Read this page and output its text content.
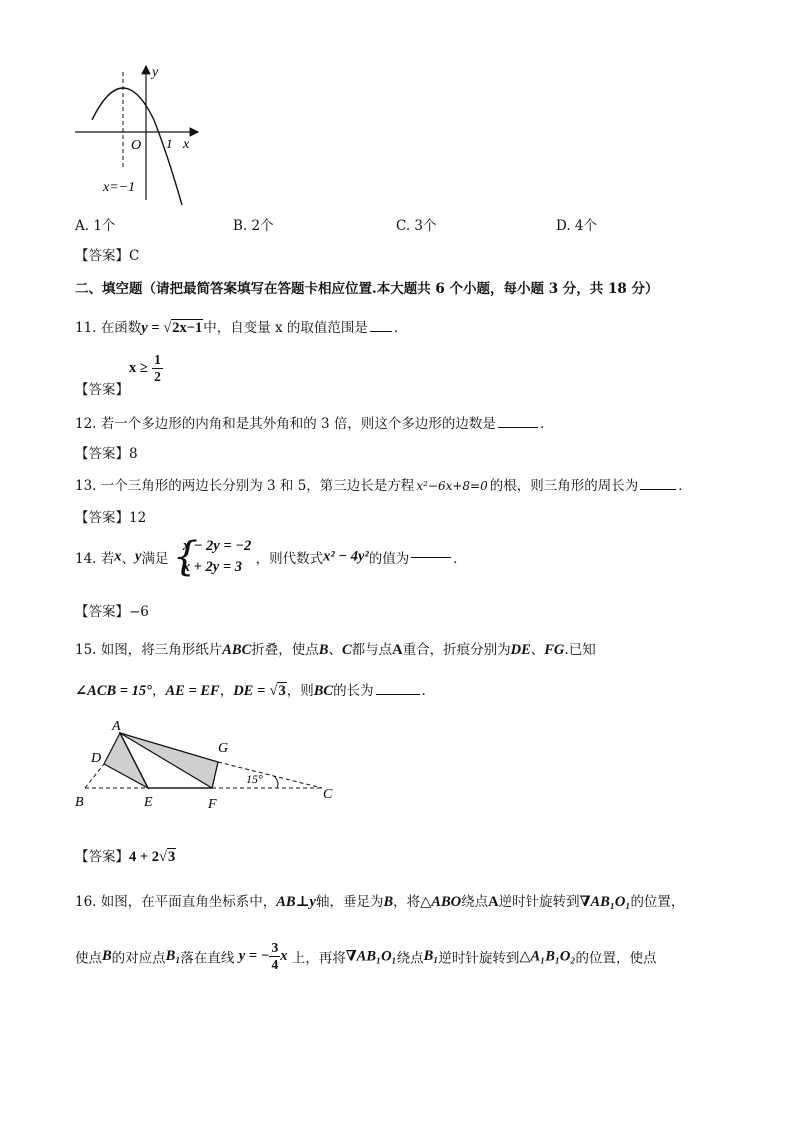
y
x
O 1
x=−1
A. 1个	B. 2个	C. 3个	D. 4个
【答案】C
二、填空题（请把最简答案填写在答题卡相应位置.本大题共 6 个小题，每小题 3 分，共 18 分）
11. 在函数y = √2x−1中，自变量 x 的取值范围是 ．
【答案】$x \ge \frac{1}{2}$
12. 若一个多边形的内角和是其外角和的 3 倍，则这个多边形的边数是	．
【答案】8
13. 一个三角形的两边长分别为 3 和 5，第三边长是方程 x²−6x+8=0 的根，则三角形的周长为	．
【答案】12
14. 若x、y满足 {
x − 2y = −2
x + 2y = 3	，则代数式x² − 4y²的值为	．
【答案】−6
15. 如图，将三角形纸片ABC折叠，使点B、C都与点A重合，折痕分别为DE、FG.已知
∠ACB = 15°，AE = EF，DE = √3，则BC的长为	．
A
D
G
B	E	F
C
15°
【答案】4 + 2√3
16. 如图，在平面直角坐标系中，AB⊥y轴，垂足为B，将△ABO绕点A逆时针旋转到∇AB₁O₁的位置，
使点B的对应点B₁落在直线 y = − $\frac{3}{4}$ x 上，再将∇AB₁O₁绕点B₁逆时针旋转到△A₁B₁O₂的位置，使点
